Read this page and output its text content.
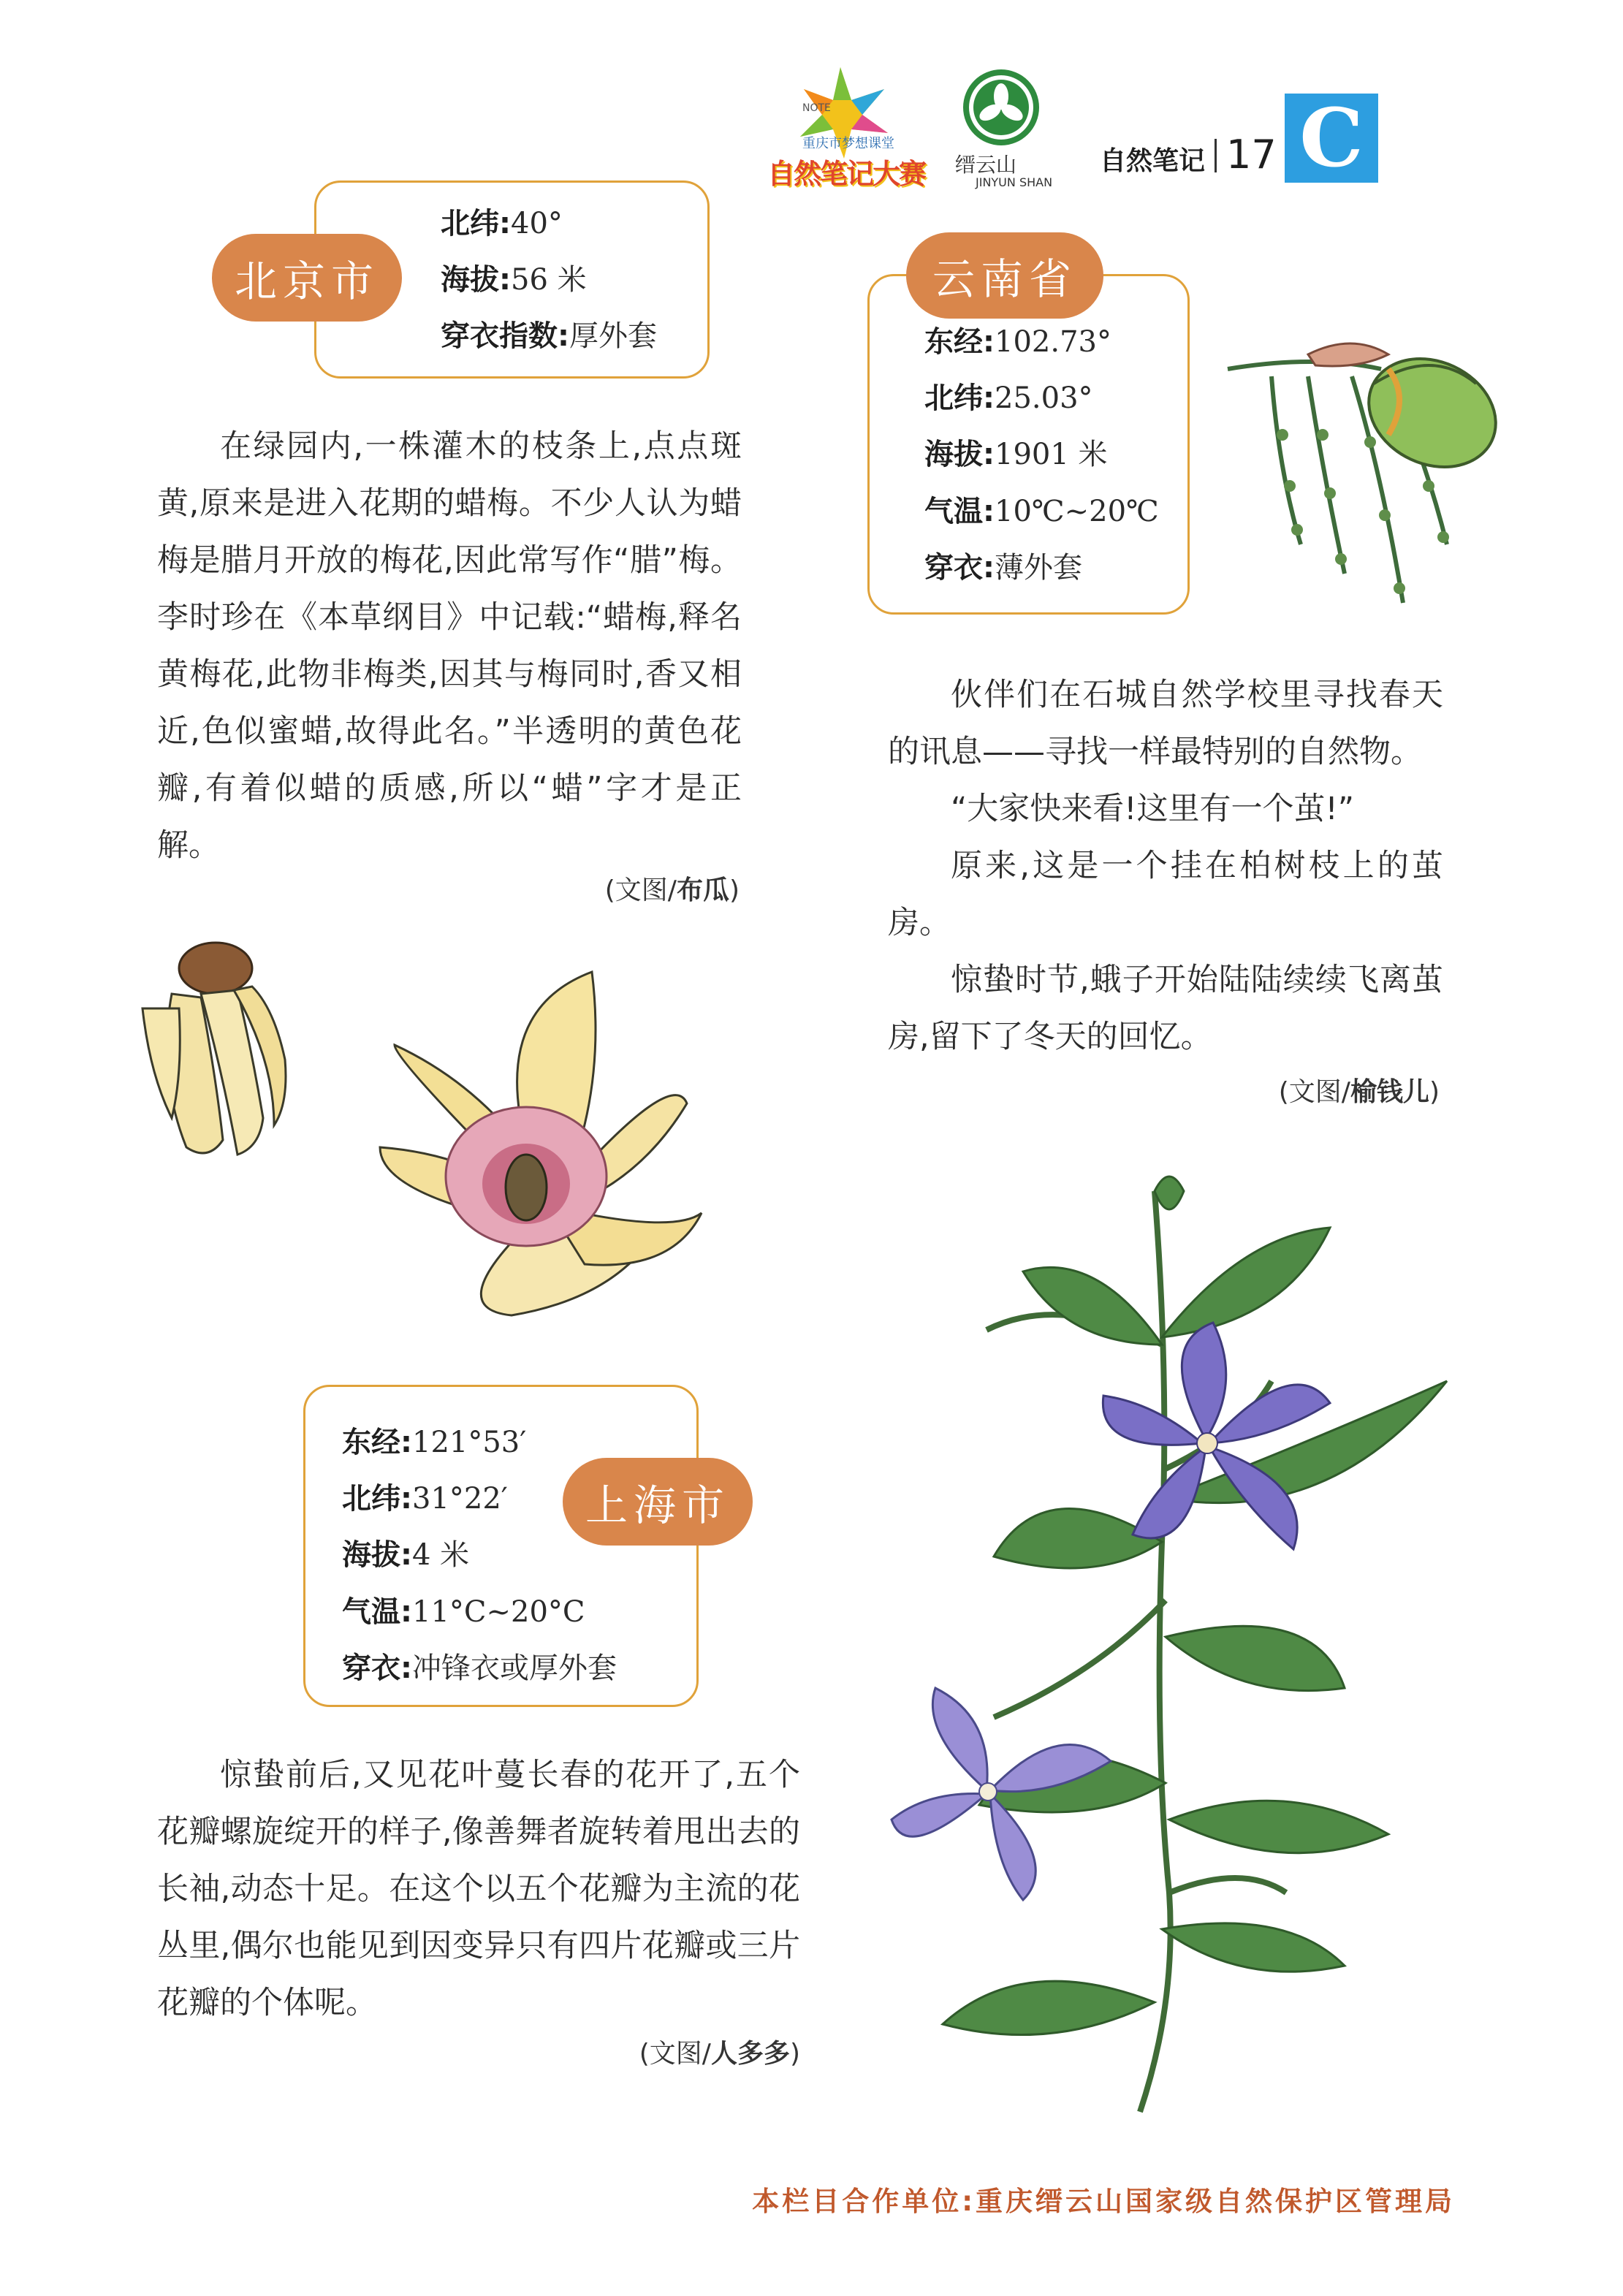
NOTE
重庆市梦想课堂
自然笔记大赛 缙云山
JINYUN SHAN
自然笔记 17 C
北纬: 40°
海拔: 56 米
穿衣指数: 厚外套
北京市

在绿园内,一株灌木的枝条上,点点斑黄,原来是进入花期的蜡梅。不少人认为蜡梅是腊月开放的梅花,因此常写作“腊”梅。李时珍在《本草纲目》中记载:“蜡梅,释名黄梅花,此物非梅类,因其与梅同时,香又相近,色似蜜蜡,故得此名。”半透明的黄色花瓣,有着似蜡的质感,所以“蜡”字才是正解。

(文图/布瓜)
东经: 102.73°
北纬: 25.03°
海拔: 1901 米
气温: 10℃~20℃
穿衣: 薄外套
云南省

伙伴们在石城自然学校里寻找春天的讯息——寻找一样最特别的自然物。

“大家快来看!这里有一个茧!”

原来,这是一个挂在柏树枝上的茧房。

惊蛰时节,蛾子开始陆陆续续飞离茧房,留下了冬天的回忆。

(文图/榆钱儿)
东经: 121°53′
北纬: 31°22′
海拔: 4 米
气温: 11°C~20°C
穿衣: 冲锋衣或厚外套
上海市

惊蛰前后,又见花叶蔓长春的花开了,五个花瓣螺旋绽开的样子,像善舞者旋转着甩出去的长袖,动态十足。在这个以五个花瓣为主流的花丛里,偶尔也能见到因变异只有四片花瓣或三片花瓣的个体呢。

(文图/人多多)
本栏目合作单位:重庆缙云山国家级自然保护区管理局
